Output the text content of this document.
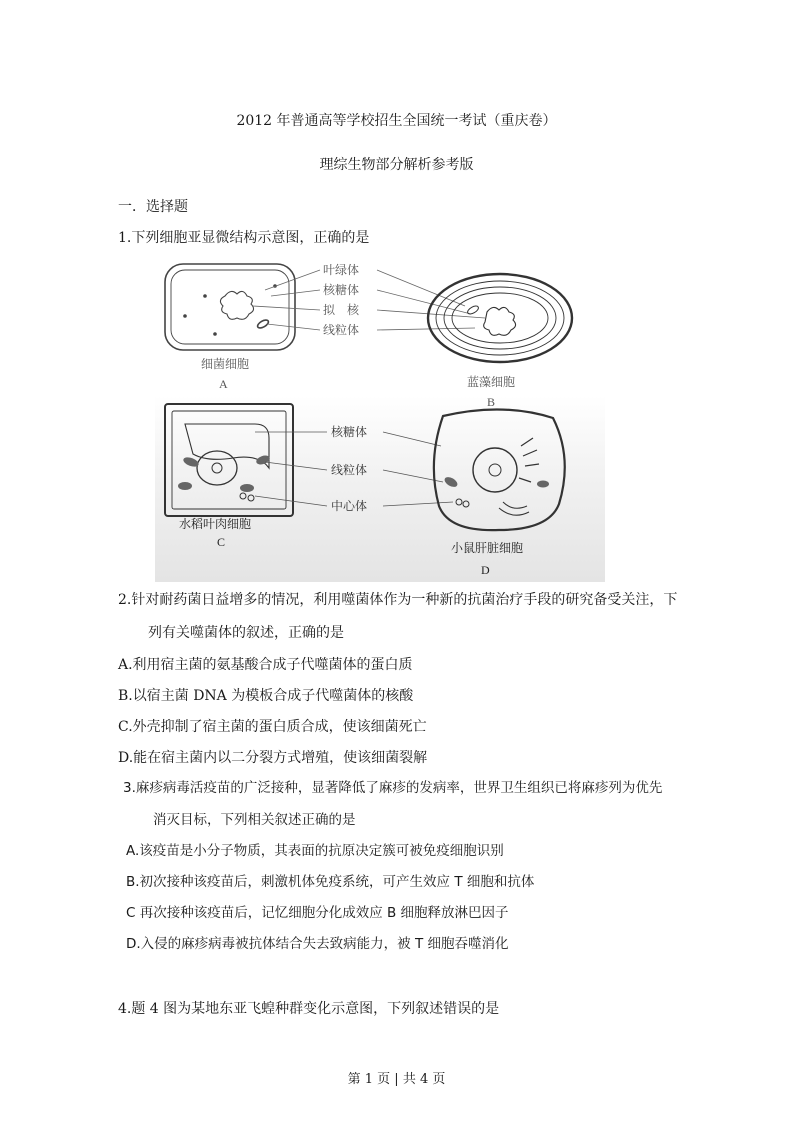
2012 年普通高等学校招生全国统一考试（重庆卷）
理综生物部分解析参考版
一．选择题
1.下列细胞亚显微结构示意图，正确的是
叶绿体
核糖体
拟　核
线粒体
细菌细胞
A	蓝藻细胞
B
核糖体
线粒体
中心体
水稻叶肉细胞
C	小鼠肝脏细胞
D
2.针对耐药菌日益增多的情况，利用噬菌体作为一种新的抗菌治疗手段的研究备受关注，下
列有关噬菌体的叙述，正确的是
A.利用宿主菌的氨基酸合成子代噬菌体的蛋白质
B.以宿主菌 DNA 为模板合成子代噬菌体的核酸
C.外壳抑制了宿主菌的蛋白质合成，使该细菌死亡
D.能在宿主菌内以二分裂方式增殖，使该细菌裂解
3.麻疹病毒活疫苗的广泛接种，显著降低了麻疹的发病率，世界卫生组织已将麻疹列为优先
消灭目标，下列相关叙述正确的是
A.该疫苗是小分子物质，其表面的抗原决定簇可被免疫细胞识别
B.初次接种该疫苗后，刺激机体免疫系统，可产生效应 T 细胞和抗体
C 再次接种该疫苗后，记忆细胞分化成效应 B 细胞释放淋巴因子
D.入侵的麻疹病毒被抗体结合失去致病能力，被 T 细胞吞噬消化
4.题 4 图为某地东亚飞蝗种群变化示意图，下列叙述错误的是
第 1 页 | 共 4 页
